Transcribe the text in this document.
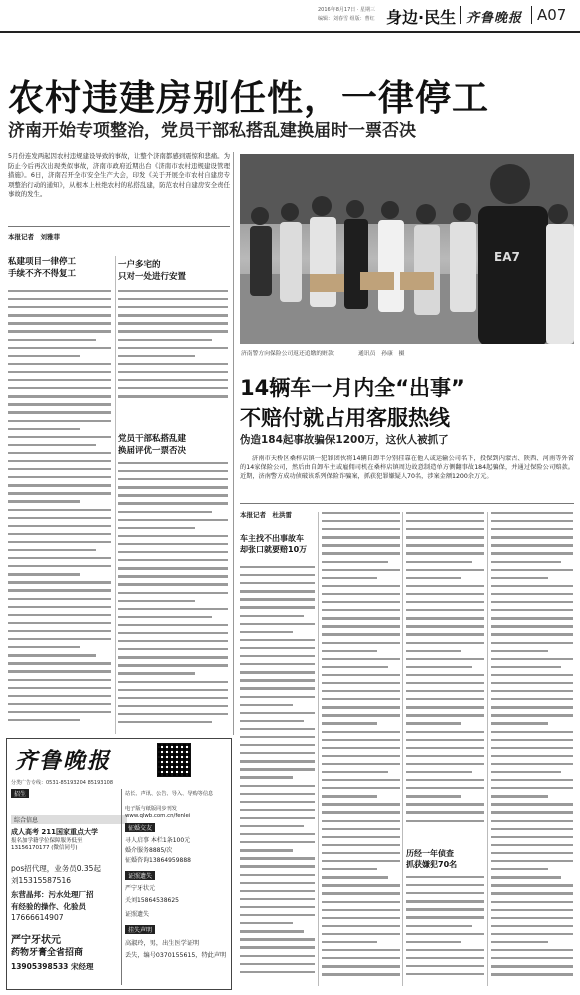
2016年8月17日 · 星期三
编辑：刘春雪 组版：曹红 身边·民生 齐鲁晚报 A07
农村违建房别任性，一律停工
济南开始专项整治，党员干部私搭乱建换届时一票否决
5月份连发两起因农村违规建设导致的事故，让整个济南都感到震惊和悲痛。为防止今后再次出现类似事故，济南市政府近期出台《济南市农村违规建设管理措施》。6日，济南召开全市安全生产大会，印发《关于开展全市农村自建房专项整治行动的通知》，从根本上杜绝农村的私搭乱建，防范农村自建房安全责任事故的发生。
本报记者　刘雅菲
私建项目一律停工
手续不齐不得复工
一户多宅的
只对一处进行安置
党员干部私搭乱建
换届评优一票否决
EA7
济南警方向保险公司返还追缴的赃款	通讯员　孙康　摄
14辆车一月内全“出事”
不赔付就占用客服热线
伪造184起事故骗保1200万，这伙人被抓了
济南市天桥区桑梓店镇一犯罪团伙将14辆自卸半分别挂靠在他人或运输公司名下，投保到内蒙古、陕西、河南等外省的14家保险公司，然后由自卸车主或雇佣司机在桑梓店镇周边故意制造单方侧翻事故184起骗保，并通过保险公司赔款。近期，济南警方成功侦破该系列保险诈骗案，抓获犯罪嫌疑人70名，涉案金额1200余万元。
本报记者　杜洪雷
车主找不出事故车
却张口就要赔10万
历经一年侦查
抓获嫌犯70名
齐鲁晚报
分类广告专线：0531-85193204 85193108
招生
综合信息
成人高考 211国家重点大学
报名加学籍学位保障服务低至 13156170177 (微信同号)
pos招代理，业务员0.35起
刘15315587516
东营晶邦：污水处理厂招
有经验的操作、化验员
17666614907
严宁牙状元
药物牙膏全省招商
13905398533 宋经理
站长、声讯、公告、导入、导购等信息
电子版与纸版同步刊发
www.qlwb.com.cn/fenlei
征婚交友
寻人启事 本栏1条100元
婚介服务8885/次
征婚咨询13864959888
证照遗失
严宁牙状元
关刘15864538625
证照遗失
挂失声明
高淑玲，男，出生医学证明
丢失，编号0370155615，特此声明
